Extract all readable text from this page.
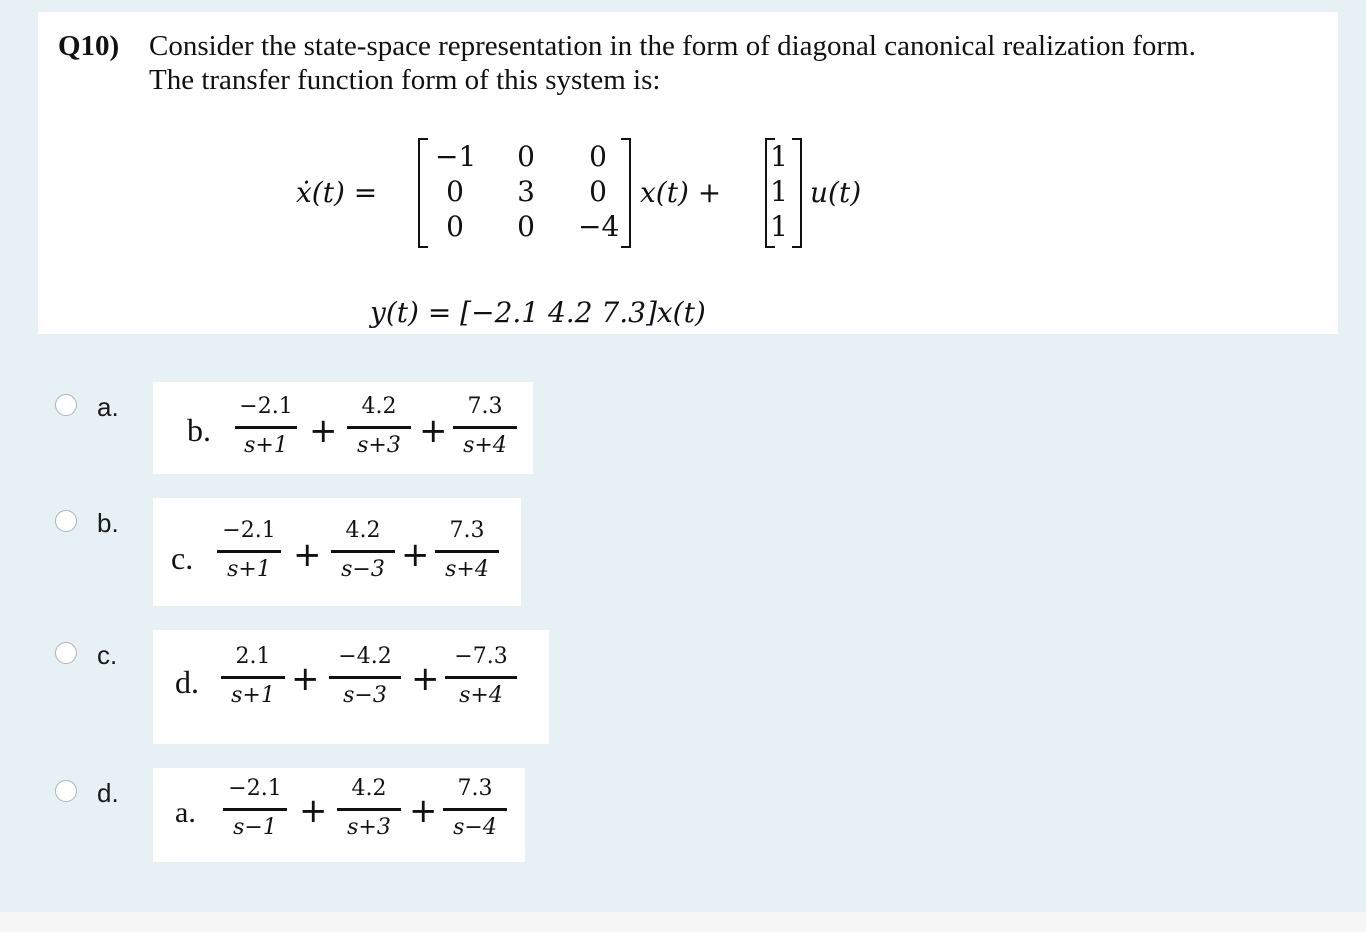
Q10) Consider the state-space representation in the form of diagonal canonical realization form.
The transfer function form of this system is:
ẋ(t) =
−1	0	0
0	3	0
0	0	−4
x(t) +
1
1
1
u(t)
y(t) = [−2.1 4.2 7.3]x(t)
a.
b.
−2.1
s+1 +
4.2
s+3 +
7.3
s+4
b.
c.
−2.1
s+1 +
4.2
s−3 +
7.3
s+4
c.
d.
2.1
s+1 +
−4.2
s−3 +
−7.3
s+4
d.
a.
−2.1
s−1 +
4.2
s+3 +
7.3
s−4
